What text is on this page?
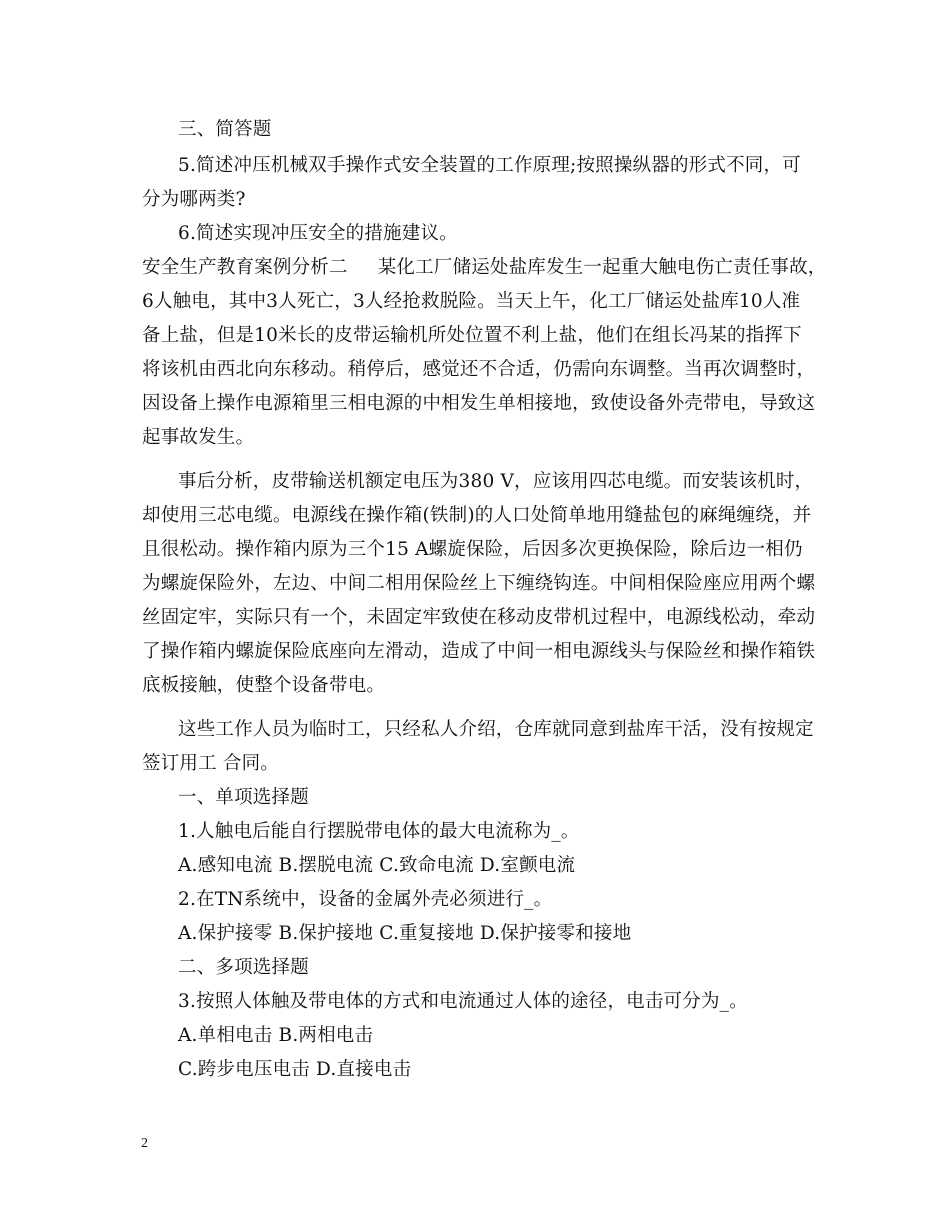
三、简答题
5.简述冲压机械双手操作式安全装置的工作原理;按照操纵器的形式不同，可
分为哪两类?
6.简述实现冲压安全的措施建议。
安全生产教育案例分析二 某化工厂储运处盐库发生一起重大触电伤亡责任事故，
6人触电，其中3人死亡，3人经抢救脱险。当天上午，化工厂储运处盐库10人准
备上盐，但是10米长的皮带运输机所处位置不利上盐，他们在组长冯某的指挥下
将该机由西北向东移动。稍停后，感觉还不合适，仍需向东调整。当再次调整时，
因设备上操作电源箱里三相电源的中相发生单相接地，致使设备外壳带电，导致这
起事故发生。
事后分析，皮带输送机额定电压为380 V，应该用四芯电缆。而安装该机时，
却使用三芯电缆。电源线在操作箱(铁制)的人口处简单地用缝盐包的麻绳缠绕，并
且很松动。操作箱内原为三个15 A螺旋保险，后因多次更换保险，除后边一相仍
为螺旋保险外，左边、中间二相用保险丝上下缠绕钩连。中间相保险座应用两个螺
丝固定牢，实际只有一个，未固定牢致使在移动皮带机过程中，电源线松动，牵动
了操作箱内螺旋保险底座向左滑动，造成了中间一相电源线头与保险丝和操作箱铁
底板接触，使整个设备带电。
这些工作人员为临时工，只经私人介绍，仓库就同意到盐库干活，没有按规定
签订用工 合同。
一、单项选择题
1.人触电后能自行摆脱带电体的最大电流称为_。
A.感知电流 B.摆脱电流 C.致命电流 D.室颤电流
2.在TN系统中，设备的金属外壳必须进行_。
A.保护接零 B.保护接地 C.重复接地 D.保护接零和接地
二、多项选择题
3.按照人体触及带电体的方式和电流通过人体的途径，电击可分为_。
A.单相电击 B.两相电击
C.跨步电压电击 D.直接电击
2
